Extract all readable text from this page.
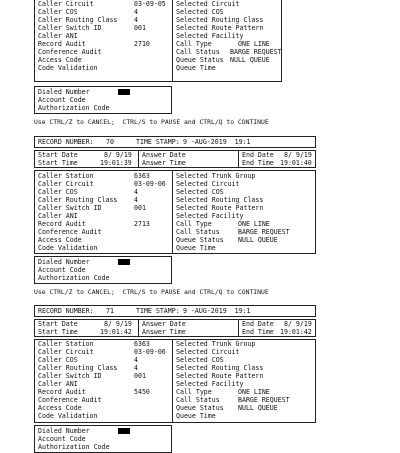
Caller Circuit	03-09-05
Caller COS	4
Caller Routing Class	4
Caller Switch ID	001
Caller ANI
Record Audit	2710
Conference Audit
Access Code
Code Validation
Selected Circuit
Selected COS
Selected Routing Class
Selected Route Pattern
Selected Facility
Call Type	ONE LINE
Call Status BARGE REQUEST
Queue Status NULL QUEUE
Queue Time
Dialed Number
Account Code
Authorization Code
Use CTRL/Z to CANCEL;  CTRL/S to PAUSE and CTRL/Q to CONTINUE
RECORD NUMBER: 70	TIME STAMP: 9 -AUG-2019  19:1
Start Date	8/ 9/19
Start Time	19:01:39
Answer Date
Answer Time
End Date 8/ 9/19
End Time 19:01:40
Caller Station	6363
Caller Circuit	03-09-06
Caller COS	4
Caller Routing Class	4
Caller Switch ID	001
Caller ANI
Record Audit	2713
Conference Audit
Access Code
Code Validation
Selected Trunk Group
Selected Circuit
Selected COS
Selected Routing Class
Selected Route Pattern
Selected Facility
Call Type	ONE LINE
Call Status	BARGE REQUEST
Queue Status NULL QUEUE
Queue Time
Dialed Number
Account Code
Authorization Code
Use CTRL/Z to CANCEL;  CTRL/S to PAUSE and CTRL/Q to CONTINUE
RECORD NUMBER: 71	TIME STAMP: 9 -AUG-2019  19:1
Start Date	8/ 9/19
Start Time	19:01:42
Answer Date
Answer Time
End Date 8/ 9/19
End Time 19:01:42
Caller Station	6363
Caller Circuit	03-09-06
Caller COS	4
Caller Routing Class	4
Caller Switch ID	001
Caller ANI
Record Audit	5450
Conference Audit
Access Code
Code Validation
Selected Trunk Group
Selected Circuit
Selected COS
Selected Routing Class
Selected Route Pattern
Selected Facility
Call Type	ONE LINE
Call Status	BARGE REQUEST
Queue Status NULL QUEUE
Queue Time
Dialed Number
Account Code
Authorization Code
